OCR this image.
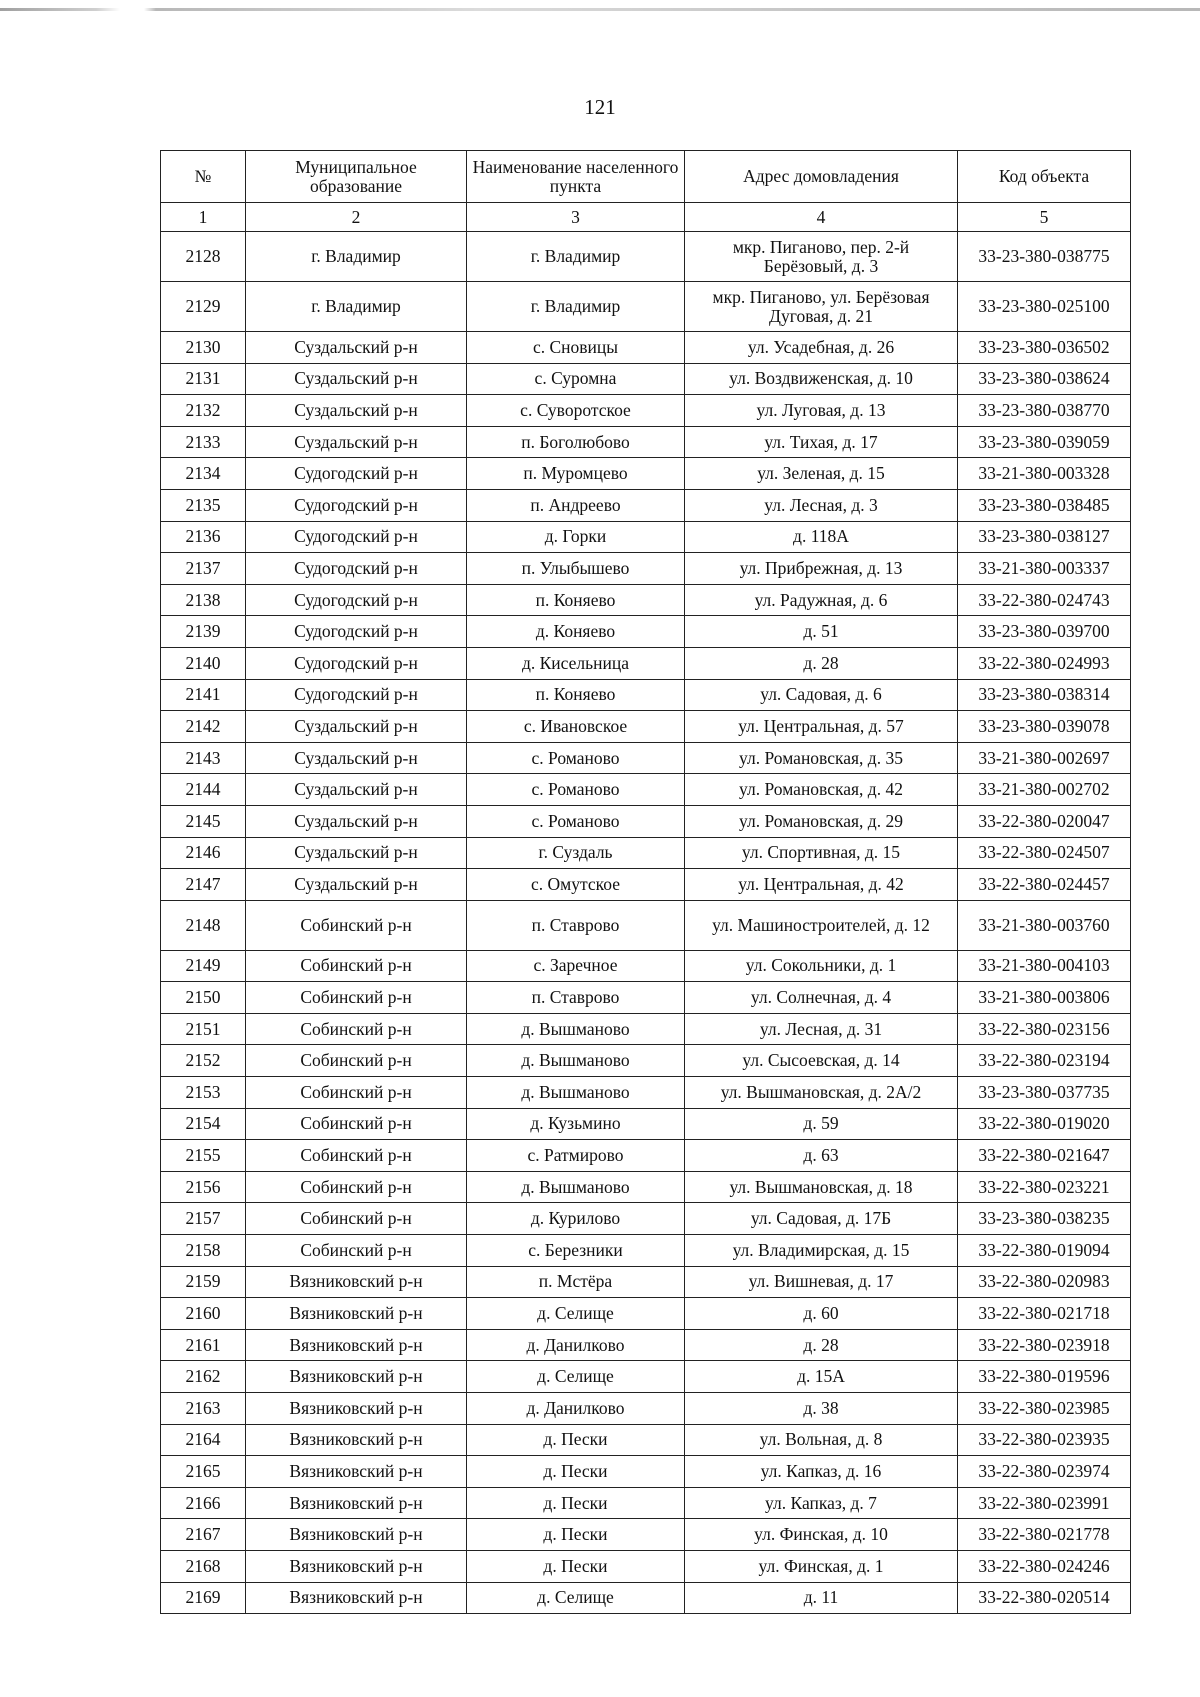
121
№	Муниципальное образование	Наименование населенного пункта	Адрес домовладения	Код объекта
1	2	3	4	5
2128	г. Владимир	г. Владимир	мкр. Пиганово, пер. 2-й Берёзовый, д. 3	33-23-380-038775
2129	г. Владимир	г. Владимир	мкр. Пиганово, ул. Берёзовая Дуговая, д. 21	33-23-380-025100
2130	Суздальский р-н	с. Сновицы	ул. Усадебная, д. 26	33-23-380-036502
2131	Суздальский р-н	с. Суромна	ул. Воздвиженская, д. 10	33-23-380-038624
2132	Суздальский р-н	с. Суворотское	ул. Луговая, д. 13	33-23-380-038770
2133	Суздальский р-н	п. Боголюбово	ул. Тихая, д. 17	33-23-380-039059
2134	Судогодский р-н	п. Муромцево	ул. Зеленая, д. 15	33-21-380-003328
2135	Судогодский р-н	п. Андреево	ул. Лесная, д. 3	33-23-380-038485
2136	Судогодский р-н	д. Горки	д. 118А	33-23-380-038127
2137	Судогодский р-н	п. Улыбышево	ул. Прибрежная, д. 13	33-21-380-003337
2138	Судогодский р-н	п. Коняево	ул. Радужная, д. 6	33-22-380-024743
2139	Судогодский р-н	д. Коняево	д. 51	33-23-380-039700
2140	Судогодский р-н	д. Кисельница	д. 28	33-22-380-024993
2141	Судогодский р-н	п. Коняево	ул. Садовая, д. 6	33-23-380-038314
2142	Суздальский р-н	с. Ивановское	ул. Центральная, д. 57	33-23-380-039078
2143	Суздальский р-н	с. Романово	ул. Романовская, д. 35	33-21-380-002697
2144	Суздальский р-н	с. Романово	ул. Романовская, д. 42	33-21-380-002702
2145	Суздальский р-н	с. Романово	ул. Романовская, д. 29	33-22-380-020047
2146	Суздальский р-н	г. Суздаль	ул. Спортивная, д. 15	33-22-380-024507
2147	Суздальский р-н	с. Омутское	ул. Центральная, д. 42	33-22-380-024457
2148	Собинский р-н	п. Ставрово	ул. Машиностроителей, д. 12	33-21-380-003760
2149	Собинский р-н	с. Заречное	ул. Сокольники, д. 1	33-21-380-004103
2150	Собинский р-н	п. Ставрово	ул. Солнечная, д. 4	33-21-380-003806
2151	Собинский р-н	д. Вышманово	ул. Лесная, д. 31	33-22-380-023156
2152	Собинский р-н	д. Вышманово	ул. Сысоевская, д. 14	33-22-380-023194
2153	Собинский р-н	д. Вышманово	ул. Вышмановская, д. 2А/2	33-23-380-037735
2154	Собинский р-н	д. Кузьмино	д. 59	33-22-380-019020
2155	Собинский р-н	с. Ратмирово	д. 63	33-22-380-021647
2156	Собинский р-н	д. Вышманово	ул. Вышмановская, д. 18	33-22-380-023221
2157	Собинский р-н	д. Курилово	ул. Садовая, д. 17Б	33-23-380-038235
2158	Собинский р-н	с. Березники	ул. Владимирская, д. 15	33-22-380-019094
2159	Вязниковский р-н	п. Мстёра	ул. Вишневая, д. 17	33-22-380-020983
2160	Вязниковский р-н	д. Селище	д. 60	33-22-380-021718
2161	Вязниковский р-н	д. Данилково	д. 28	33-22-380-023918
2162	Вязниковский р-н	д. Селище	д. 15А	33-22-380-019596
2163	Вязниковский р-н	д. Данилково	д. 38	33-22-380-023985
2164	Вязниковский р-н	д. Пески	ул. Вольная, д. 8	33-22-380-023935
2165	Вязниковский р-н	д. Пески	ул. Капказ, д. 16	33-22-380-023974
2166	Вязниковский р-н	д. Пески	ул. Капказ, д. 7	33-22-380-023991
2167	Вязниковский р-н	д. Пески	ул. Финская, д. 10	33-22-380-021778
2168	Вязниковский р-н	д. Пески	ул. Финская, д. 1	33-22-380-024246
2169	Вязниковский р-н	д. Селище	д. 11	33-22-380-020514
